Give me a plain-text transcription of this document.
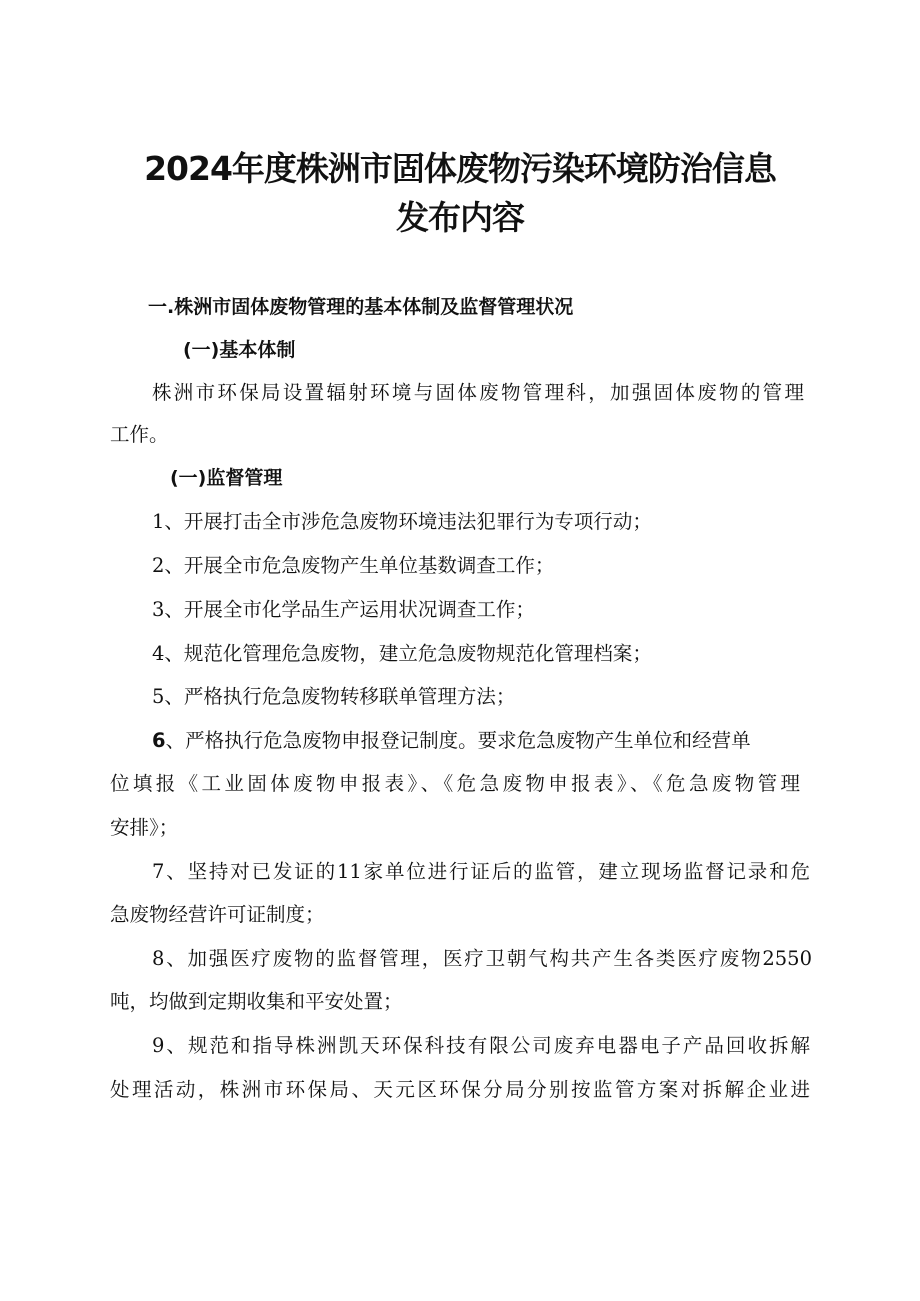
2024年度株洲市固体废物污染环境防治信息
发布内容

一.株洲市固体废物管理的基本体制及监督管理状况

(一)基本体制

株洲市环保局设置辐射环境与固体废物管理科，加强固体废物的管理

工作。

(一)监督管理

1、开展打击全市涉危急废物环境违法犯罪行为专项行动；

2、开展全市危急废物产生单位基数调查工作；

3、开展全市化学品生产运用状况调查工作；

4、规范化管理危急废物，建立危急废物规范化管理档案；

5、严格执行危急废物转移联单管理方法；

6、严格执行危急废物申报登记制度。要求危急废物产生单位和经营单

位填报《工业固体废物申报表》、《危急废物申报表》、《危急废物管理

安排》；

7、坚持对已发证的11家单位进行证后的监管，建立现场监督记录和危

急废物经营许可证制度；

8、加强医疗废物的监督管理，医疗卫朝气构共产生各类医疗废物2550

吨，均做到定期收集和平安处置；

9、规范和指导株洲凯天环保科技有限公司废弃电器电子产品回收拆解

处理活动，株洲市环保局、天元区环保分局分别按监管方案对拆解企业进
